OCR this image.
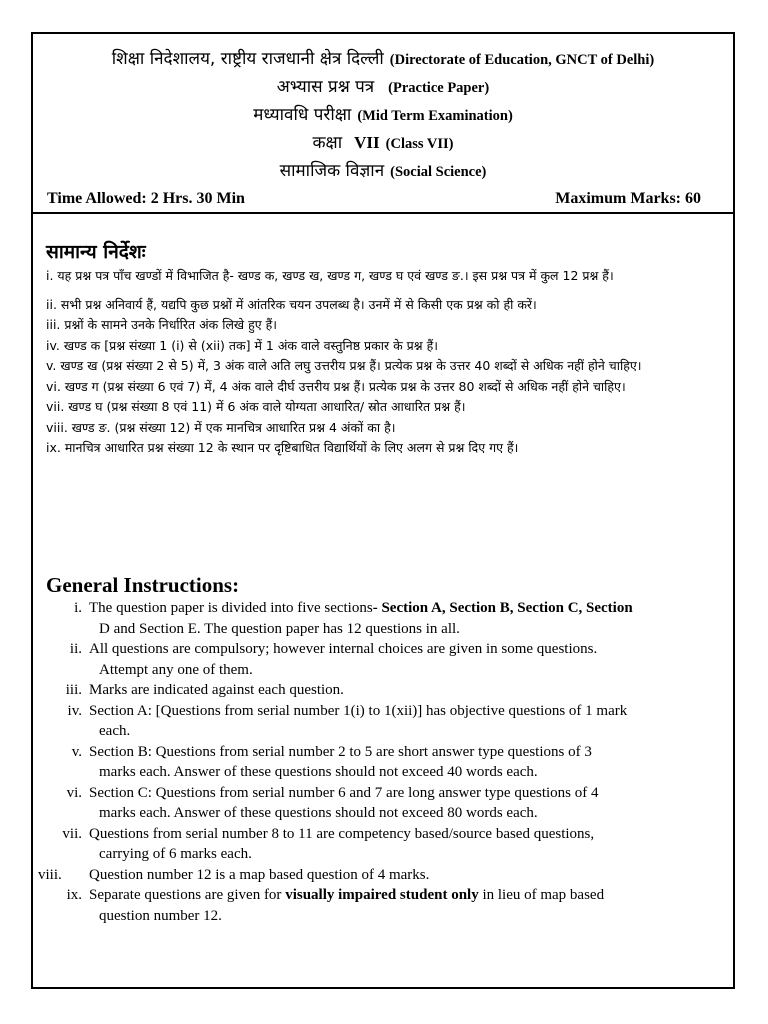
शिक्षा निदेशालय, राष्ट्रीय राजधानी क्षेत्र दिल्ली (Directorate of Education, GNCT of Delhi)
अभ्यास प्रश्न पत्र (Practice Paper)
मध्यावधि परीक्षा (Mid Term Examination)
कक्षा VII (Class VII)
सामाजिक विज्ञान (Social Science)
Time Allowed: 2 Hrs. 30 Min	Maximum Marks: 60
सामान्य निर्देशः

i. यह प्रश्न पत्र पाँच खण्डों में विभाजित है- खण्ड क, खण्ड ख, खण्ड ग, खण्ड घ एवं खण्ड ङ.। इस प्रश्न पत्र में कुल 12 प्रश्न हैं।

ii. सभी प्रश्न अनिवार्य हैं, यद्यपि कुछ प्रश्नों में आंतरिक चयन उपलब्ध है। उनमें में से किसी एक प्रश्न को ही करें।

iii. प्रश्नों के सामने उनके निर्धारित अंक लिखे हुए हैं।

iv. खण्ड क [प्रश्न संख्या 1 (i) से (xii) तक] में 1 अंक वाले वस्तुनिष्ठ प्रकार के प्रश्न हैं।

v. खण्ड ख (प्रश्न संख्या 2 से 5) में, 3 अंक वाले अति लघु उत्तरीय प्रश्न हैं। प्रत्येक प्रश्न के उत्तर 40 शब्दों से अधिक नहीं होने चाहिए।

vi. खण्ड ग (प्रश्न संख्या 6 एवं 7) में, 4 अंक वाले दीर्घ उत्तरीय प्रश्न हैं। प्रत्येक प्रश्न के उत्तर 80 शब्दों से अधिक नहीं होने चाहिए।

vii. खण्ड घ (प्रश्न संख्या 8 एवं 11) में 6 अंक वाले योग्यता आधारित/ स्रोत आधारित प्रश्न हैं।

viii. खण्ड ङ. (प्रश्न संख्या 12) में एक मानचित्र आधारित प्रश्न 4 अंकों का है।

ix. मानचित्र आधारित प्रश्न संख्या 12 के स्थान पर दृष्टिबाधित विद्यार्थियों के लिए अलग से प्रश्न दिए गए हैं।

General Instructions:
i. The question paper is divided into five sections- Section A, Section B, Section C, Section
D and Section E. The question paper has 12 questions in all.
ii. All questions are compulsory; however internal choices are given in some questions.
Attempt any one of them.
iii. Marks are indicated against each question.
iv. Section A: [Questions from serial number 1(i) to 1(xii)] has objective questions of 1 mark
each.
v. Section B: Questions from serial number 2 to 5 are short answer type questions of 3
marks each. Answer of these questions should not exceed 40 words each.
vi. Section C: Questions from serial number 6 and 7 are long answer type questions of 4
marks each. Answer of these questions should not exceed 80 words each.
vii. Questions from serial number 8 to 11 are competency based/source based questions,
carrying of 6 marks each.
viii.	Question number 12 is a map based question of 4 marks.
ix. Separate questions are given for visually impaired student only in lieu of map based
question number 12.
